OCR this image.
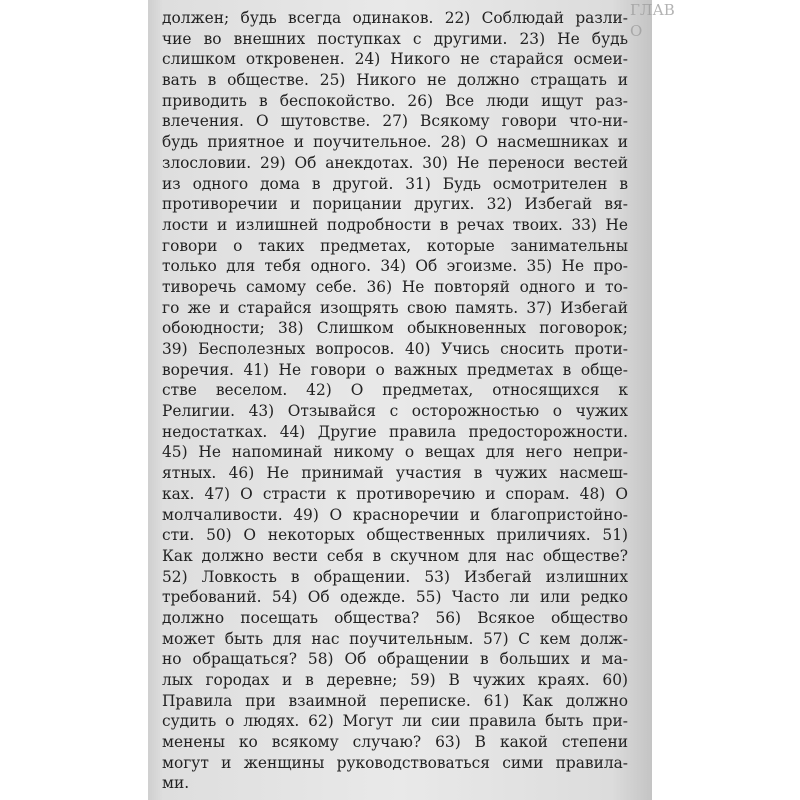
должен; будь всегда одинаков. 22) Соблюдай разли-
чие во внешних поступках с другими. 23) Не будь
слишком откровенен. 24) Никого не старайся осмеи-
вать в обществе. 25) Никого не должно стращать и
приводить в беспокойство. 26) Все люди ищут раз-
влечения. О шутовстве. 27) Всякому говори что-ни-
будь приятное и поучительное. 28) О насмешниках и
злословии. 29) Об анекдотах. 30) Не переноси вестей
из одного дома в другой. 31) Будь осмотрителен в
противоречии и порицании других. 32) Избегай вя-
лости и излишней подробности в речах твоих. 33) Не
говори о таких предметах, которые занимательны
только для тебя одного. 34) Об эгоизме. 35) Не про-
тиворечь самому себе. 36) Не повторяй одного и то-
го же и старайся изощрять свою память. 37) Избегай
обоюдности; 38) Слишком обыкновенных поговорок;
39) Бесполезных вопросов. 40) Учись сносить проти-
воречия. 41) Не говори о важных предметах в обще-
стве веселом. 42) О предметах, относящихся к
Религии. 43) Отзывайся с осторожностью о чужих
недостатках. 44) Другие правила предосторожности.
45) Не напоминай никому о вещах для него непри-
ятных. 46) Не принимай участия в чужих насмеш-
ках. 47) О страсти к противоречию и спорам. 48) О
молчаливости. 49) О красноречии и благопристойно-
сти. 50) О некоторых общественных приличиях. 51)
Как должно вести себя в скучном для нас обществе?
52) Ловкость в обращении. 53) Избегай излишних
требований. 54) Об одежде. 55) Часто ли или редко
должно посещать общества? 56) Всякое общество
может быть для нас поучительным. 57) С кем долж-
но обращаться? 58) Об обращении в больших и ма-
лых городах и в деревне; 59) В чужих краях. 60)
Правила при взаимной переписке. 61) Как должно
судить о людях. 62) Могут ли сии правила быть при-
менены ко всякому случаю? 63) В какой степени
могут и женщины руководствоваться сими правила-
ми.
ГЛАВ
О
